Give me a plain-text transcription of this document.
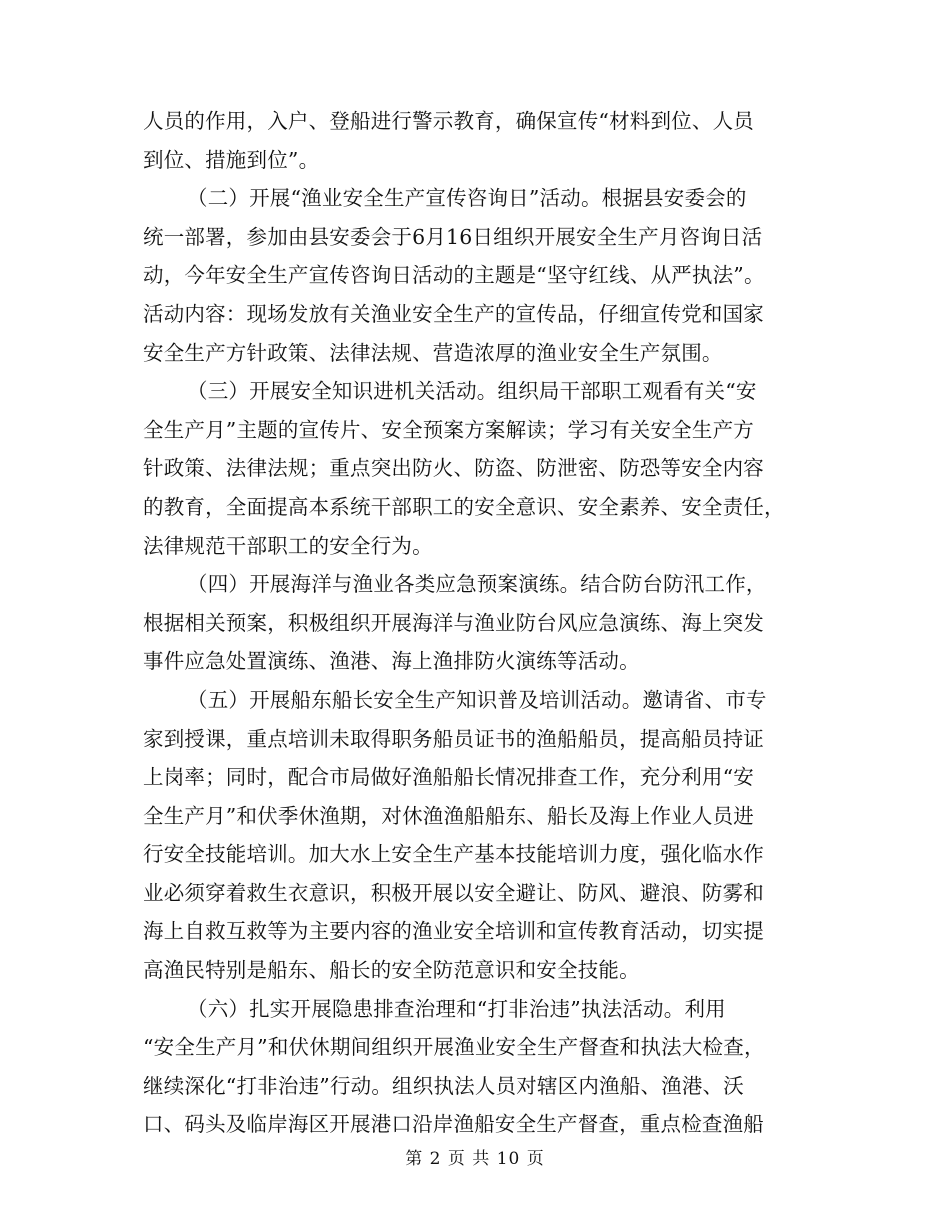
人员的作用，入户、登船进行警示教育，确保宣传“材料到位、人员
到位、措施到位”。
（二）开展“渔业安全生产宣传咨询日”活动。根据县安委会的
统一部署，参加由县安委会于6月16日组织开展安全生产月咨询日活
动，今年安全生产宣传咨询日活动的主题是“坚守红线、从严执法”。
活动内容：现场发放有关渔业安全生产的宣传品，仔细宣传党和国家
安全生产方针政策、法律法规、营造浓厚的渔业安全生产氛围。
（三）开展安全知识进机关活动。组织局干部职工观看有关“安
全生产月”主题的宣传片、安全预案方案解读；学习有关安全生产方
针政策、法律法规；重点突出防火、防盗、防泄密、防恐等安全内容
的教育，全面提高本系统干部职工的安全意识、安全素养、安全责任，
法律规范干部职工的安全行为。
（四）开展海洋与渔业各类应急预案演练。结合防台防汛工作，
根据相关预案，积极组织开展海洋与渔业防台风应急演练、海上突发
事件应急处置演练、渔港、海上渔排防火演练等活动。
（五）开展船东船长安全生产知识普及培训活动。邀请省、市专
家到授课，重点培训未取得职务船员证书的渔船船员，提高船员持证
上岗率；同时，配合市局做好渔船船长情况排查工作，充分利用“安
全生产月”和伏季休渔期，对休渔渔船船东、船长及海上作业人员进
行安全技能培训。加大水上安全生产基本技能培训力度，强化临水作
业必须穿着救生衣意识，积极开展以安全避让、防风、避浪、防雾和
海上自救互救等为主要内容的渔业安全培训和宣传教育活动，切实提
高渔民特别是船东、船长的安全防范意识和安全技能。
（六）扎实开展隐患排查治理和“打非治违”执法活动。利用
“安全生产月”和伏休期间组织开展渔业安全生产督查和执法大检查，
继续深化“打非治违”行动。组织执法人员对辖区内渔船、渔港、沃
口、码头及临岸海区开展港口沿岸渔船安全生产督查，重点检查渔船
第 2 页 共 10 页
